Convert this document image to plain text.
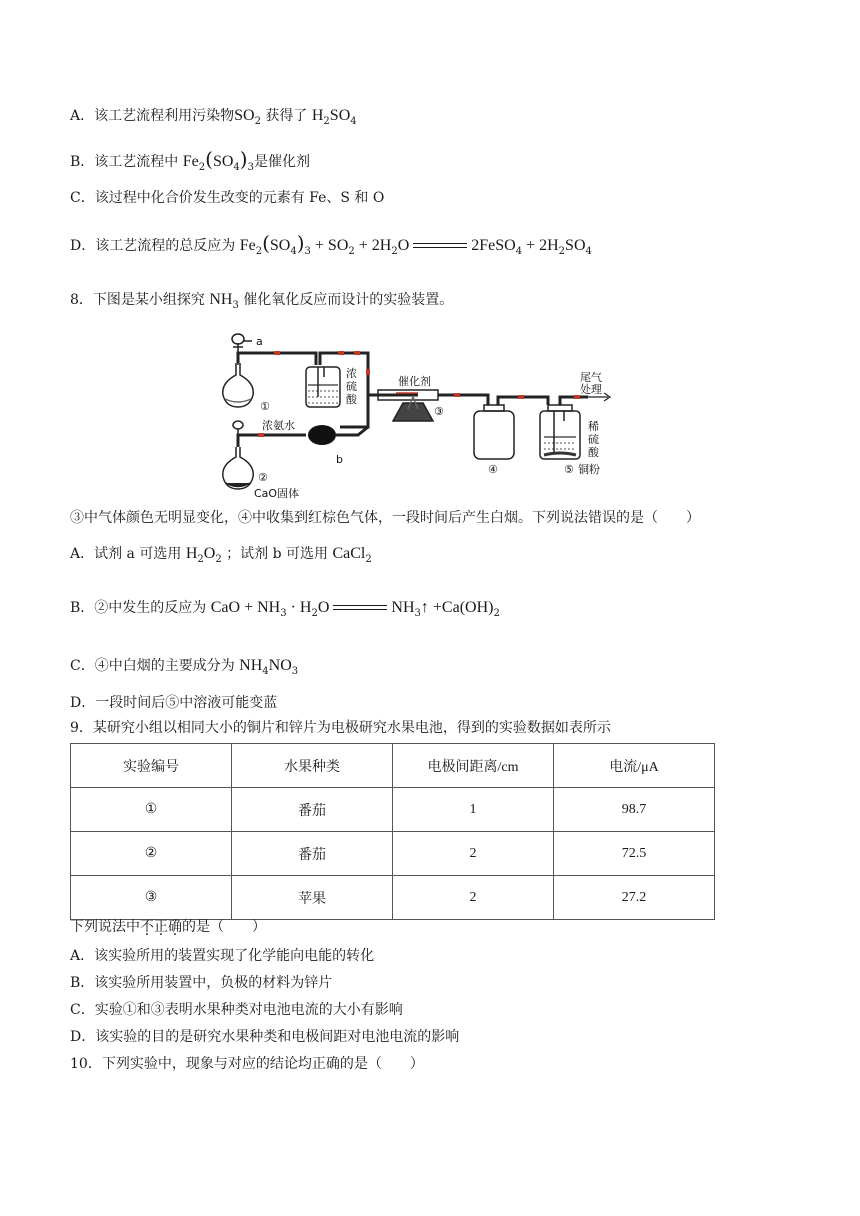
A．该工艺流程利用污染物$SO_2$ 获得了 $H_2SO_4$
B．该工艺流程中 $Fe_2(SO_4)_3$是催化剂
C．该过程中化合价发生改变的元素有 Fe、S 和 O
D．该工艺流程的总反应为 $Fe_2(SO_4)_3 + SO_2 + 2H_2O$	2FeSO$_4$ + $2H_2SO_4$
8．下图是某小组探究 $NH_3$ 催化氧化反应而设计的实验装置。
a
①
浓
硫
酸
催化剂
③
④	⑤ 铜粉
稀
硫
酸
尾气
处理
浓氨水
②
CaO固体
b
③中气体颜色无明显变化，④中收集到红棕色气体，一段时间后产生白烟。下列说法错误的是（　　）
A．试剂 a 可选用 $H_2O_2$ ；试剂 b 可选用 CaCl$_2$
B．②中发生的反应为 CaO + $NH_3 \cdot H_2O$	$NH_3↑ +Ca(OH)_2$
C．④中白烟的主要成分为 $NH_4NO_3$
D．一段时间后⑤中溶液可能变蓝
9．某研究小组以相同大小的铜片和锌片为电极研究水果电池，得到的实验数据如表所示
实验编号	水果种类	电极间距离/cm	电流/μA
①	番茄	1	98.7
②	番茄	2	72.5
③	苹果	2	27.2
下列说法中不正确的是（　　）
A．该实验所用的装置实现了化学能向电能的转化
B．该实验所用装置中，负极的材料为锌片
C．实验①和③表明水果种类对电池电流的大小有影响
D．该实验的目的是研究水果种类和电极间距对电池电流的影响
10．下列实验中，现象与对应的结论均正确的是（　　）
